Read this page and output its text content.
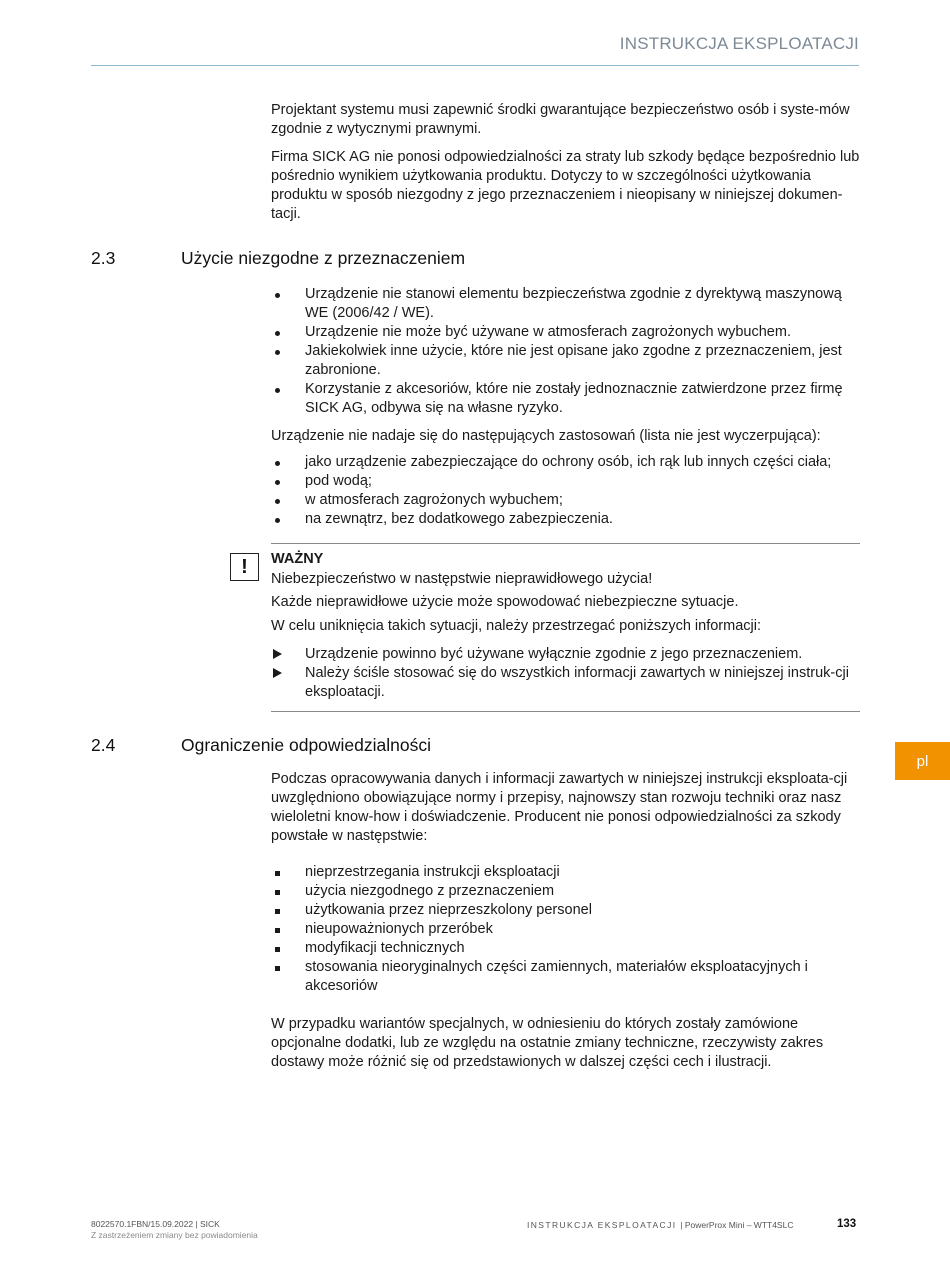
INSTRUKCJA EKSPLOATACJI

Projektant systemu musi zapewnić środki gwarantujące bezpieczeństwo osób i syste-mów zgodnie z wytycznymi prawnymi.

Firma SICK AG nie ponosi odpowiedzialności za straty lub szkody będące bezpośrednio lub pośrednio wynikiem użytkowania produktu. Dotyczy to w szczególności użytkowania produktu w sposób niezgodny z jego przeznaczeniem i nieopisany w niniejszej dokumen-tacji.

2.3	Użycie niezgodne z przeznaczeniem
Urządzenie nie stanowi elementu bezpieczeństwa zgodnie z dyrektywą maszynową WE (2006/42 / WE).
Urządzenie nie może być używane w atmosferach zagrożonych wybuchem.
Jakiekolwiek inne użycie, które nie jest opisane jako zgodne z przeznaczeniem, jest zabronione.
Korzystanie z akcesoriów, które nie zostały jednoznacznie zatwierdzone przez firmę SICK AG, odbywa się na własne ryzyko.

Urządzenie nie nadaje się do następujących zastosowań (lista nie jest wyczerpująca):

jako urządzenie zabezpieczające do ochrony osób, ich rąk lub innych części ciała;
pod wodą;
w atmosferach zagrożonych wybuchem;
na zewnątrz, bez dodatkowego zabezpieczenia.
!	WAŻNY

Niebezpieczeństwo w następstwie nieprawidłowego użycia!

Każde nieprawidłowe użycie może spowodować niebezpieczne sytuacje.

W celu uniknięcia takich sytuacji, należy przestrzegać poniższych informacji:

Urządzenie powinno być używane wyłącznie zgodnie z jego przeznaczeniem.
Należy ściśle stosować się do wszystkich informacji zawartych w niniejszej instruk-cji eksploatacji.
2.4	Ograniczenie odpowiedzialności

Podczas opracowywania danych i informacji zawartych w niniejszej instrukcji eksploata-cji uwzględniono obowiązujące normy i przepisy, najnowszy stan rozwoju techniki oraz nasz wieloletni know-how i doświadczenie. Producent nie ponosi odpowiedzialności za szkody powstałe w następstwie:

nieprzestrzegania instrukcji eksploatacji
użycia niezgodnego z przeznaczeniem
użytkowania przez nieprzeszkolony personel
nieupoważnionych przeróbek
modyfikacji technicznych
stosowania nieoryginalnych części zamiennych, materiałów eksploatacyjnych i akcesoriów

W przypadku wariantów specjalnych, w odniesieniu do których zostały zamówione opcjonalne dodatki, lub ze względu na ostatnie zmiany techniczne, rzeczywisty zakres dostawy może różnić się od przedstawionych w dalszej części cech i ilustracji.

pl
8022570.1FBN/15.09.2022 | SICK
Z zastrzeżeniem zmiany bez powiadomienia
INSTRUKCJA EKSPLOATACJI | PowerProx Mini – WTT4SLC	133
